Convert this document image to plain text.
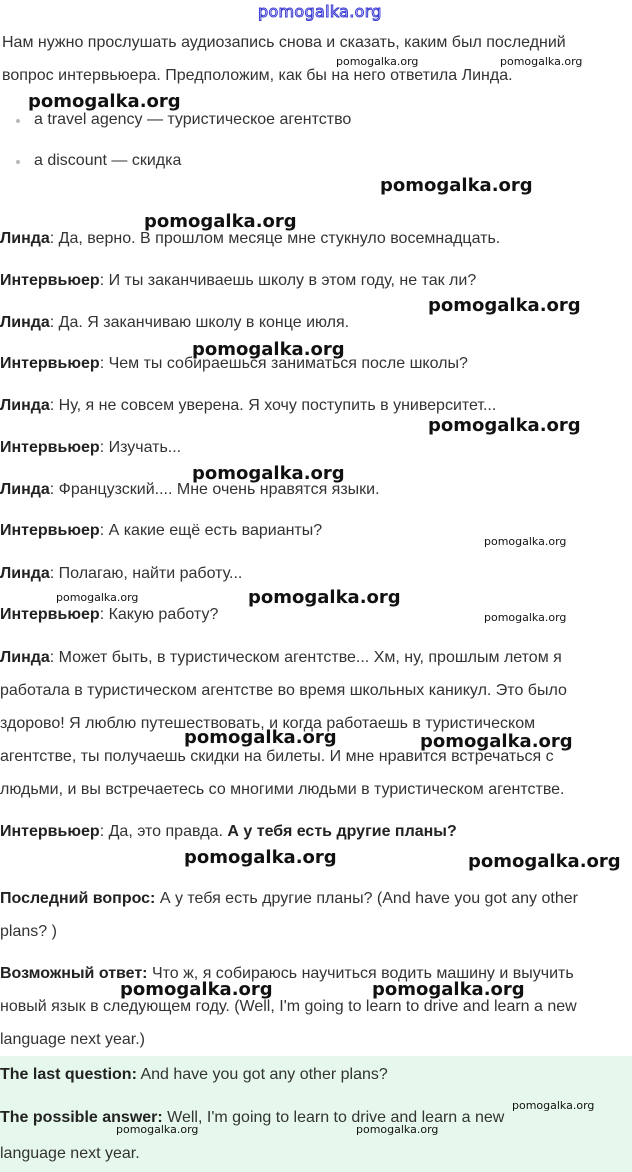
pomogalka.org
Нам нужно прослушать аудиозапись снова и сказать, каким был последний
вопрос интервьюера. Предположим, как бы на него ответила Линда.
a travel agency — туристическое агентство
a discount — скидка
Линда: Да, верно. В прошлом месяце мне стукнуло восемнадцать.
Интервьюер: И ты заканчиваешь школу в этом году, не так ли?
Линда: Да. Я заканчиваю школу в конце июля.
Интервьюер: Чем ты собираешься заниматься после школы?
Линда: Ну, я не совсем уверена. Я хочу поступить в университет...
Интервьюер: Изучать...
Линда: Французский.... Мне очень нравятся языки.
Интервьюер: А какие ещё есть варианты?
Линда: Полагаю, найти работу...
Интервьюер: Какую работу?
Линда: Может быть, в туристическом агентстве... Хм, ну, прошлым летом я
работала в туристическом агентстве во время школьных каникул. Это было
здорово! Я люблю путешествовать, и когда работаешь в туристическом
агентстве, ты получаешь скидки на билеты. И мне нравится встречаться с
людьми, и вы встречаетесь со многими людьми в туристическом агентстве.
Интервьюер: Да, это правда. А у тебя есть другие планы?
Последний вопрос: А у тебя есть другие планы? (And have you got any other
plans? )
Возможный ответ: Что ж, я собираюсь научиться водить машину и выучить
новый язык в следующем году. (Well, I'm going to learn to drive and learn a new
language next year.)
The last question: And have you got any other plans?
The possible answer: Well, I'm going to learn to drive and learn a new
language next year.
pomogalka.org	pomogalka.org
pomogalka.org
pomogalka.org
pomogalka.org
pomogalka.org
pomogalka.org
pomogalka.org
pomogalka.org
pomogalka.org
pomogalka.org	pomogalka.org
pomogalka.org
pomogalka.org	pomogalka.org
pomogalka.org	pomogalka.org
pomogalka.org	pomogalka.org
pomogalka.org
pomogalka.org	pomogalka.org
